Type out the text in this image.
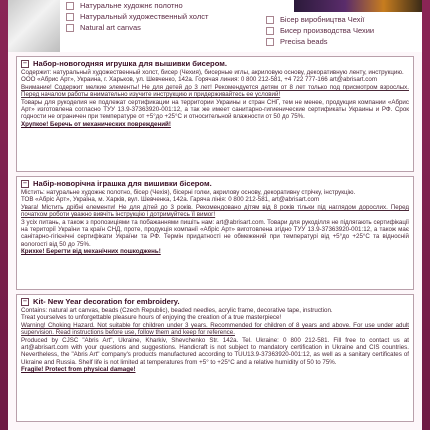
Натуральне художнє полотно
Натуральный художественный холст
Natural art canvas
Бісер виробництва Чехії
Бисер производства Чехии
Precisa beads
– Набор-новогодняя игрушка для вышивки бисером.

Содержит: натуральный художественный холст, бисер (Чехия), бисерные иглы, акриловую основу, декоративную ленту, инструкцию.

ООО «Абрис Арт», Украина, г. Харьков, ул. Шевченко, 142а. Горячая линия: 0 800 212-581, +4 722 777-166 art@abrisart.com

Внимание! Содержит мелкие элементы! Не для детей до 3 лет! Рекомендуется детям от 8 лет только под присмотром взрослых. Перед началом работы внимательно изучите инструкцию и придерживайтесь ее условий!

Товары для рукоделия не подлежат сертификации на территории Украины и стран СНГ, тем не менее, продукция компании «Абрис Арт» изготовлена согласно ТУУ 13.9-37363920-001:12, а так же имеет санитарно-гигиенические сертификаты Украины и РФ. Срок годности не ограничен при температуре от +5°до +25°С и относительной влажности от 50 до 75%.

Хрупкое! Беречь от механических повреждений!

– Набір-новорічна іграшка для вишивки бісером.

Містить: натуральне художнє полотно, бісер (Чехія), бісерні голки, акрилову основу, декоративну стрічку, інструкцію.

ТОВ «Абріс Арт», Україна, м. Харків, вул. Шевченка, 142а. Гаряча лінія: 0 800 212-581, art@abrisart.com

Увага! Містить дрібні елементи! Не для дітей до 3 років. Рекомендовано дітям від 8 років тільки під наглядом дорослих. Перед початком роботи уважно вивчіть інструкцію і дотримуйтесь її вимог!

З усіх питань, а також з пропозиціями та побажаннями пишіть нам: art@abrisart.com. Товари для рукоділля не підлягають сертифікації на території України та країн СНД, проте, продукція компанії «Абріс Арт» виготовлена згідно ТУУ 13.9-37363920-001:12, а також має санітарно-гігієнічні сертифікати України та РФ. Термін придатності не обмежений при температурі від +5°до +25°С та відносній вологості від 50 до 75%.

Крихке! Берегти від механічних пошкоджень!

– Kit- New Year decoration for embroidery.

Contains: natural art canvas, beads (Czech Republic), beaded needles, acrylic frame, decorative tape, instruction.

Treat yourselves to unforgettable pleasure hours of enjoying the creation of a true masterpiece!

Warning! Choking Hazard. Not suitable for children under 3 years. Recommended for children of 8 years and above. For use under adult supervision. Read instructions before use, follow them and keep for reference.

Produced by CJSC "Abris Art", Ukraine, Kharkiv, Shevchenko Str. 142a. Tel. Ukraine: 0 800 212-581. Fill free to contact us at art@abrisart.com with your questions and suggestions. Handicraft is not subject to mandatory certification in Ukraine and CIS countries. Nevertheless, the "Abris Art" company's products manufactured according to TUU13.9-37363920-001:12, as well as a sanitary certificates of Ukraine and Russia. Shelf life is not limited at temperatures from +5° to +25°C and a relative humidity of 50 to 75%.

Fragile! Protect from physical damage!
